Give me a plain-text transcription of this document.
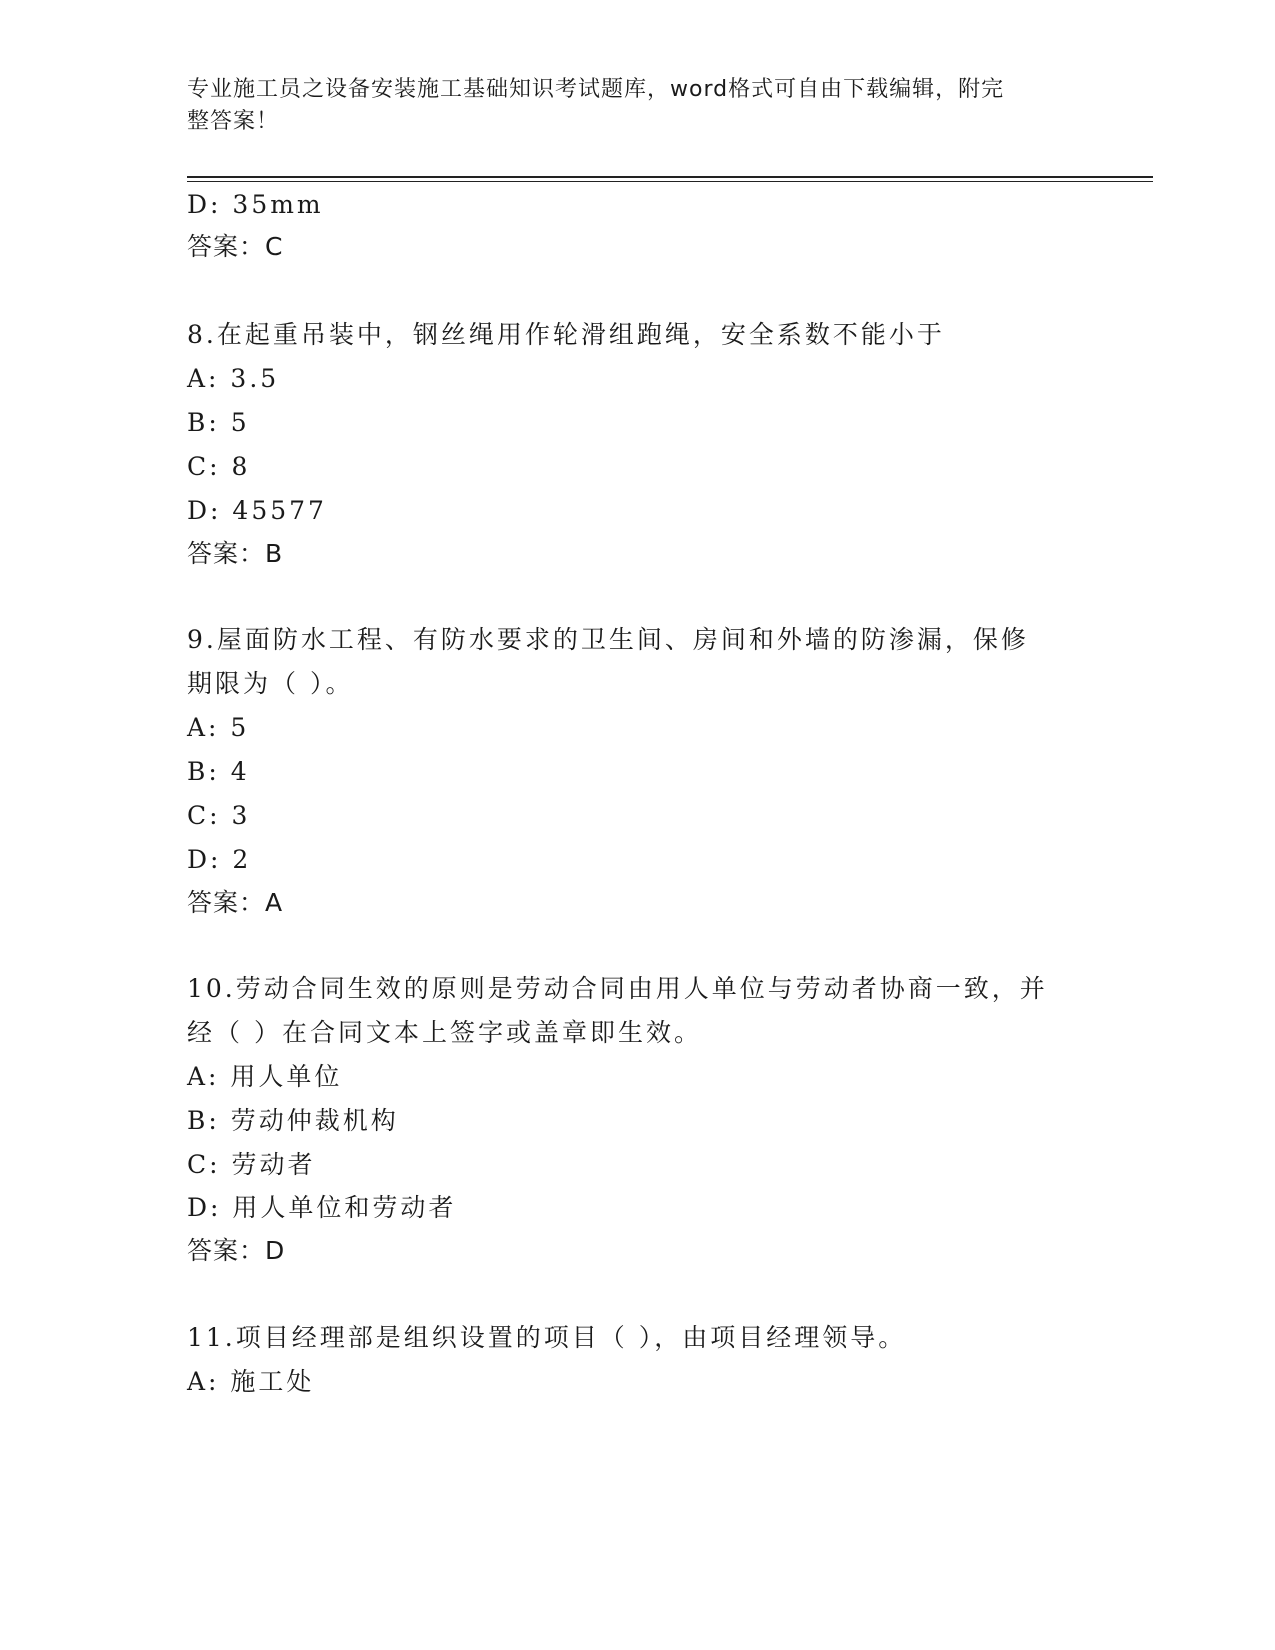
专业施工员之设备安装施工基础知识考试题库，word格式可自由下载编辑，附完
整答案！
D: 35mm
答案：C
8.在起重吊装中，钢丝绳用作轮滑组跑绳，安全系数不能小于
A: 3.5
B: 5
C: 8
D: 45577
答案：B
9.屋面防水工程、有防水要求的卫生间、房间和外墙的防渗漏，保修
期限为（ ）。
A: 5
B: 4
C: 3
D: 2
答案：A
10.劳动合同生效的原则是劳动合同由用人单位与劳动者协商一致，并
经（ ）在合同文本上签字或盖章即生效。
A: 用人单位
B: 劳动仲裁机构
C: 劳动者
D: 用人单位和劳动者
答案：D
11.项目经理部是组织设置的项目（ ），由项目经理领导。
A: 施工处
